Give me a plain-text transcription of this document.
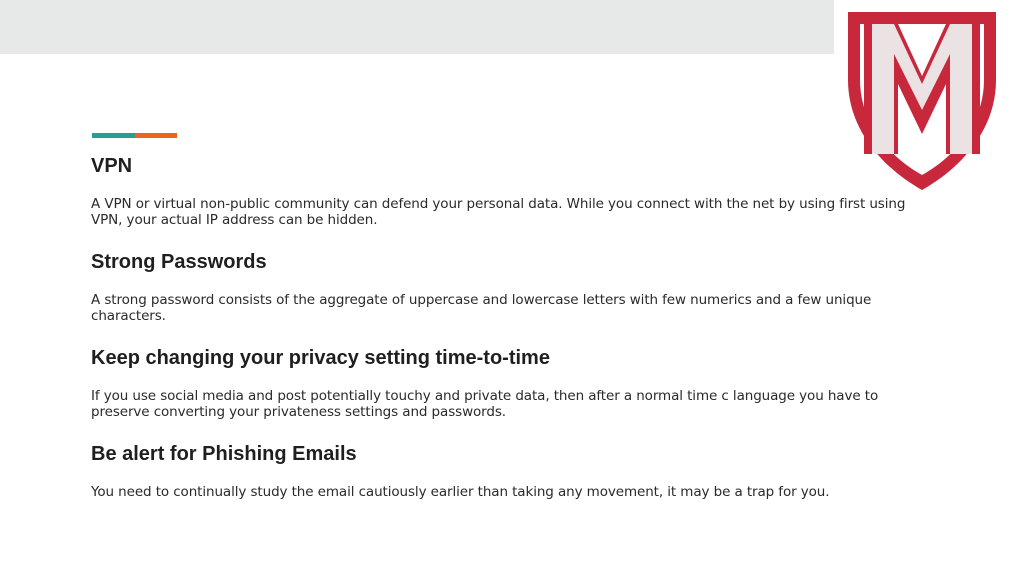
VPN

A VPN or virtual non-public community can defend your personal data. While you connect with the net by using first using VPN, your actual IP address can be hidden.

Strong Passwords

A strong password consists of the aggregate of uppercase and lowercase letters with few numerics and a few unique characters.

Keep changing your privacy setting time-to-time

If you use social media and post potentially touchy and private data, then after a normal time c language you have to preserve converting your privateness settings and passwords.

Be alert for Phishing Emails

You need to continually study the email cautiously earlier than taking any movement, it may be a trap for you.
